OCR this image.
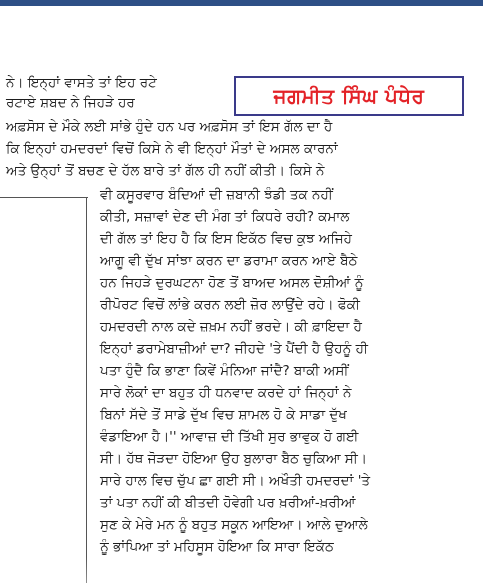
ਜਗਮੀਤ ਸਿੰਘ ਪੰਧੇਰ
ਨੇ। ਇਨ੍ਹਾਂ ਵਾਸਤੇ ਤਾਂ ਇਹ ਰਟੇ
ਰਟਾਏ ਸ਼ਬਦ ਨੇ ਜਿਹੜੇ ਹਰ
ਅਫ਼ਸੋਸ ਦੇ ਮੌਕੇ ਲਈ ਸਾਂਭੇ ਹੁੰਦੇ ਹਨ ਪਰ ਅਫ਼ਸੋਸ ਤਾਂ ਇਸ ਗੱਲ ਦਾ ਹੈ
ਕਿ ਇਨ੍ਹਾਂ ਹਮਦਰਦਾਂ ਵਿਚੋਂ ਕਿਸੇ ਨੇ ਵੀ ਇਨ੍ਹਾਂ ਮੌਤਾਂ ਦੇ ਅਸਲ ਕਾਰਨਾਂ
ਅਤੇ ਉਨ੍ਹਾਂ ਤੋਂ ਬਚਣ ਦੇ ਹੱਲ ਬਾਰੇ ਤਾਂ ਗੱਲ ਹੀ ਨਹੀਂ ਕੀਤੀ। ਕਿਸੇ ਨੇ
ਵੀ ਕਸੂਰਵਾਰ ਬੰਦਿਆਂ ਦੀ ਜ਼ਬਾਨੀ ਝੰਡੀ ਤਕ ਨਹੀਂ
ਕੀਤੀ, ਸਜ਼ਾਵਾਂ ਦੇਣ ਦੀ ਮੰਗ ਤਾਂ ਕਿਧਰੇ ਰਹੀ? ਕਮਾਲ
ਦੀ ਗੱਲ ਤਾਂ ਇਹ ਹੈ ਕਿ ਇਸ ਇਕੱਠ ਵਿਚ ਕੁਝ ਅਜਿਹੇ
ਆਗੂ ਵੀ ਦੁੱਖ ਸਾਂਝਾ ਕਰਨ ਦਾ ਡਰਾਮਾ ਕਰਨ ਆਏ ਬੈਠੇ
ਹਨ ਜਿਹੜੇ ਦੁਰਘਟਨਾ ਹੋਣ ਤੋਂ ਬਾਅਦ ਅਸਲ ਦੋਸ਼ੀਆਂ ਨੂੰ
ਰੀਪੋਰਟ ਵਿਚੋਂ ਲਾਂਭੇ ਕਰਨ ਲਈ ਜ਼ੋਰ ਲਾਉਂਦੇ ਰਹੇ। ਫੋਕੀ
ਹਮਦਰਦੀ ਨਾਲ ਕਦੇ ਜ਼ਖ਼ਮ ਨਹੀਂ ਭਰਦੇ। ਕੀ ਫ਼ਾਇਦਾ ਹੈ
ਇਨ੍ਹਾਂ ਡਰਾਮੇਬਾਜ਼ੀਆਂ ਦਾ? ਜੀਹਦੇ 'ਤੇ ਪੈਂਦੀ ਹੈ ਉਹਨੂੰ ਹੀ
ਪਤਾ ਹੁੰਦੈ ਕਿ ਭਾਣਾ ਕਿਵੇਂ ਮੰਨਿਆ ਜਾਂਦੈ? ਬਾਕੀ ਅਸੀਂ
ਸਾਰੇ ਲੋਕਾਂ ਦਾ ਬਹੁਤ ਹੀ ਧਨਵਾਦ ਕਰਦੇ ਹਾਂ ਜਿਨ੍ਹਾਂ ਨੇ
ਬਿਨਾਂ ਸੱਦੇ ਤੋਂ ਸਾਡੇ ਦੁੱਖ ਵਿਚ ਸ਼ਾਮਲ ਹੋ ਕੇ ਸਾਡਾ ਦੁੱਖ
ਵੰਡਾਇਆ ਹੈ।'' ਆਵਾਜ਼ ਦੀ ਤਿੱਖੀ ਸੁਰ ਭਾਵੁਕ ਹੋ ਗਈ
ਸੀ। ਹੱਥ ਜੋੜਦਾ ਹੋਇਆ ਉਹ ਬੁਲਾਰਾ ਬੈਠ ਚੁਕਿਆ ਸੀ।
ਸਾਰੇ ਹਾਲ ਵਿਚ ਚੁੱਪ ਛਾ ਗਈ ਸੀ। ਅਖੌਤੀ ਹਮਦਰਦਾਂ 'ਤੇ
ਤਾਂ ਪਤਾ ਨਹੀਂ ਕੀ ਬੀਤਦੀ ਹੋਵੇਗੀ ਪਰ ਖ਼ਰੀਆਂ-ਖ਼ਰੀਆਂ
ਸੁਣ ਕੇ ਮੇਰੇ ਮਨ ਨੂੰ ਬਹੁਤ ਸਕੂਨ ਆਇਆ। ਆਲੇ ਦੁਆਲੇ
ਨੂੰ ਭਾਂਪਿਆ ਤਾਂ ਮਹਿਸੂਸ ਹੋਇਆ ਕਿ ਸਾਰਾ ਇਕੱਠ
